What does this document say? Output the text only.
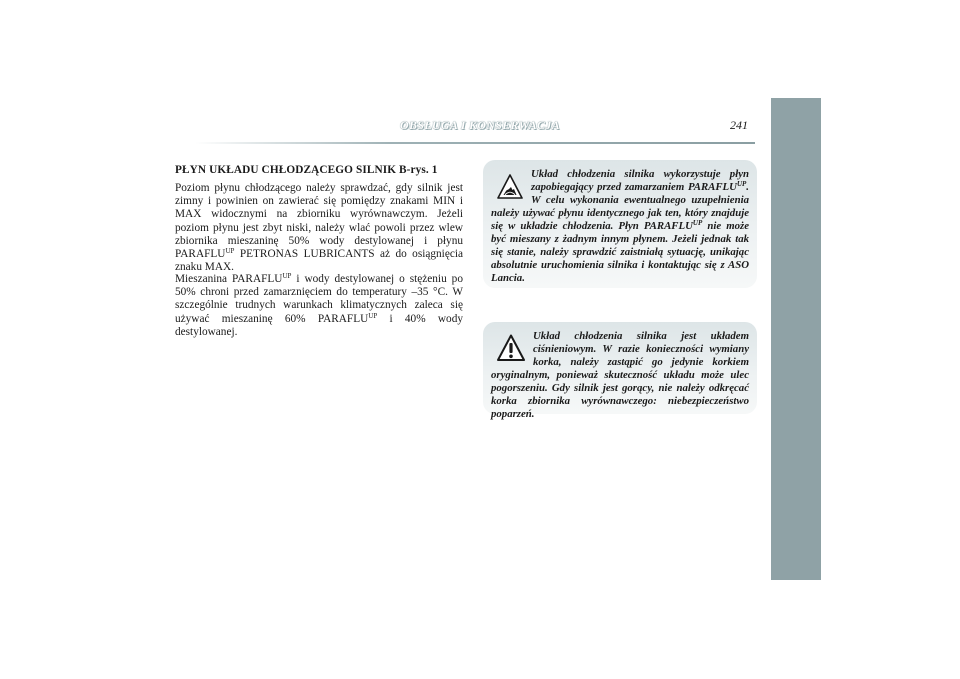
OBSŁUGA I KONSERWACJA	241
PŁYN UKŁADU CHŁODZĄCEGO SILNIK B-rys. 1
Poziom płynu chłodzącego należy sprawdzać, gdy silnik jest zimny i powinien on zawierać się pomiędzy znakami MIN i MAX widocznymi na zbiorniku wyrównawczym. Jeżeli poziom płynu jest zbyt niski, należy wlać powoli przez wlew zbiornika mieszaninę 50% wody destylowanej i płynu $PARAFLU^{UP}$ PETRONAS LUBRICANTS aż do osiągnięcia znaku MAX.
Mieszanina $PARAFLU^{UP}$ i wody destylowanej o stężeniu po 50% chroni przed zamarznięciem do temperatury –35 °C. W szczególnie trudnych warunkach klimatycznych zaleca się używać mieszaninę 60% $PARAFLU^{UP}$ i 40% wody destylowanej.

Układ chłodzenia silnika wykorzystuje płyn zapobiegający przed zamarzaniem $PARAFLU^{UP}$. W celu wykonania ewentualnego uzupełnienia należy używać płynu identycznego jak ten, który znajduje się w układzie chłodzenia. Płyn $PARAFLU^{UP}$ nie może być mieszany z żadnym innym płynem. Jeżeli jednak tak się stanie, należy sprawdzić zaistniałą sytuację, unikając absolutnie uruchomienia silnika i kontaktując się z ASO Lancia.

Układ chłodzenia silnika jest układem ciśnieniowym. W razie konieczności wymiany korka, należy zastąpić go jedynie korkiem oryginalnym, ponieważ skuteczność układu może ulec pogorszeniu. Gdy silnik jest gorący, nie należy odkręcać korka zbiornika wyrównawczego: niebezpieczeństwo poparzeń.
